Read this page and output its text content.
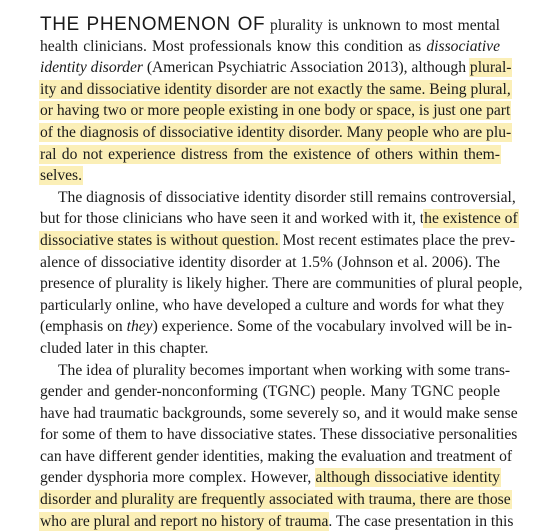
THE PHENOMENON OF plurality is unknown to most mental
health clinicians. Most professionals know this condition as dissociative
identity disorder (American Psychiatric Association 2013), although plural-
ity and dissociative identity disorder are not exactly the same. Being plural,
or having two or more people existing in one body or space, is just one part
of the diagnosis of dissociative identity disorder. Many people who are plu-
ral do not experience distress from the existence of others within them-
selves.

The diagnosis of dissociative identity disorder still remains controversial,
but for those clinicians who have seen it and worked with it, the existence of
dissociative states is without question. Most recent estimates place the prev-
alence of dissociative identity disorder at 1.5% (Johnson et al. 2006). The
presence of plurality is likely higher. There are communities of plural people,
particularly online, who have developed a culture and words for what they
(emphasis on they) experience. Some of the vocabulary involved will be in-
cluded later in this chapter.

The idea of plurality becomes important when working with some trans-
gender and gender-nonconforming (TGNC) people. Many TGNC people
have had traumatic backgrounds, some severely so, and it would make sense
for some of them to have dissociative states. These dissociative personalities
can have different gender identities, making the evaluation and treatment of
gender dysphoria more complex. However, although dissociative identity
disorder and plurality are frequently associated with trauma, there are those
who are plural and report no history of trauma. The case presentation in this
